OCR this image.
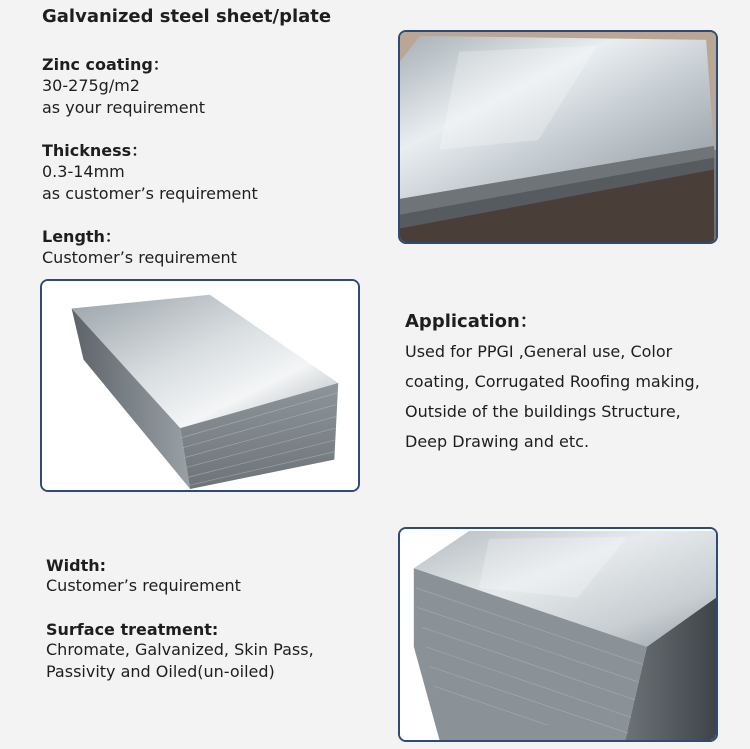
Galvanized steel sheet/plate
Zinc coating：
30-275g/m2
as your requirement
Thickness：
0.3-14mm
as customer’s requirement
Length：
Customer’s requirement
Application：
Used for PPGI ,General use, Color
coating, Corrugated Roofing making,
Outside of the buildings Structure,
Deep Drawing and etc.
Width:
Customer’s requirement
Surface treatment:
Chromate, Galvanized, Skin Pass,
Passivity and Oiled(un-oiled)
